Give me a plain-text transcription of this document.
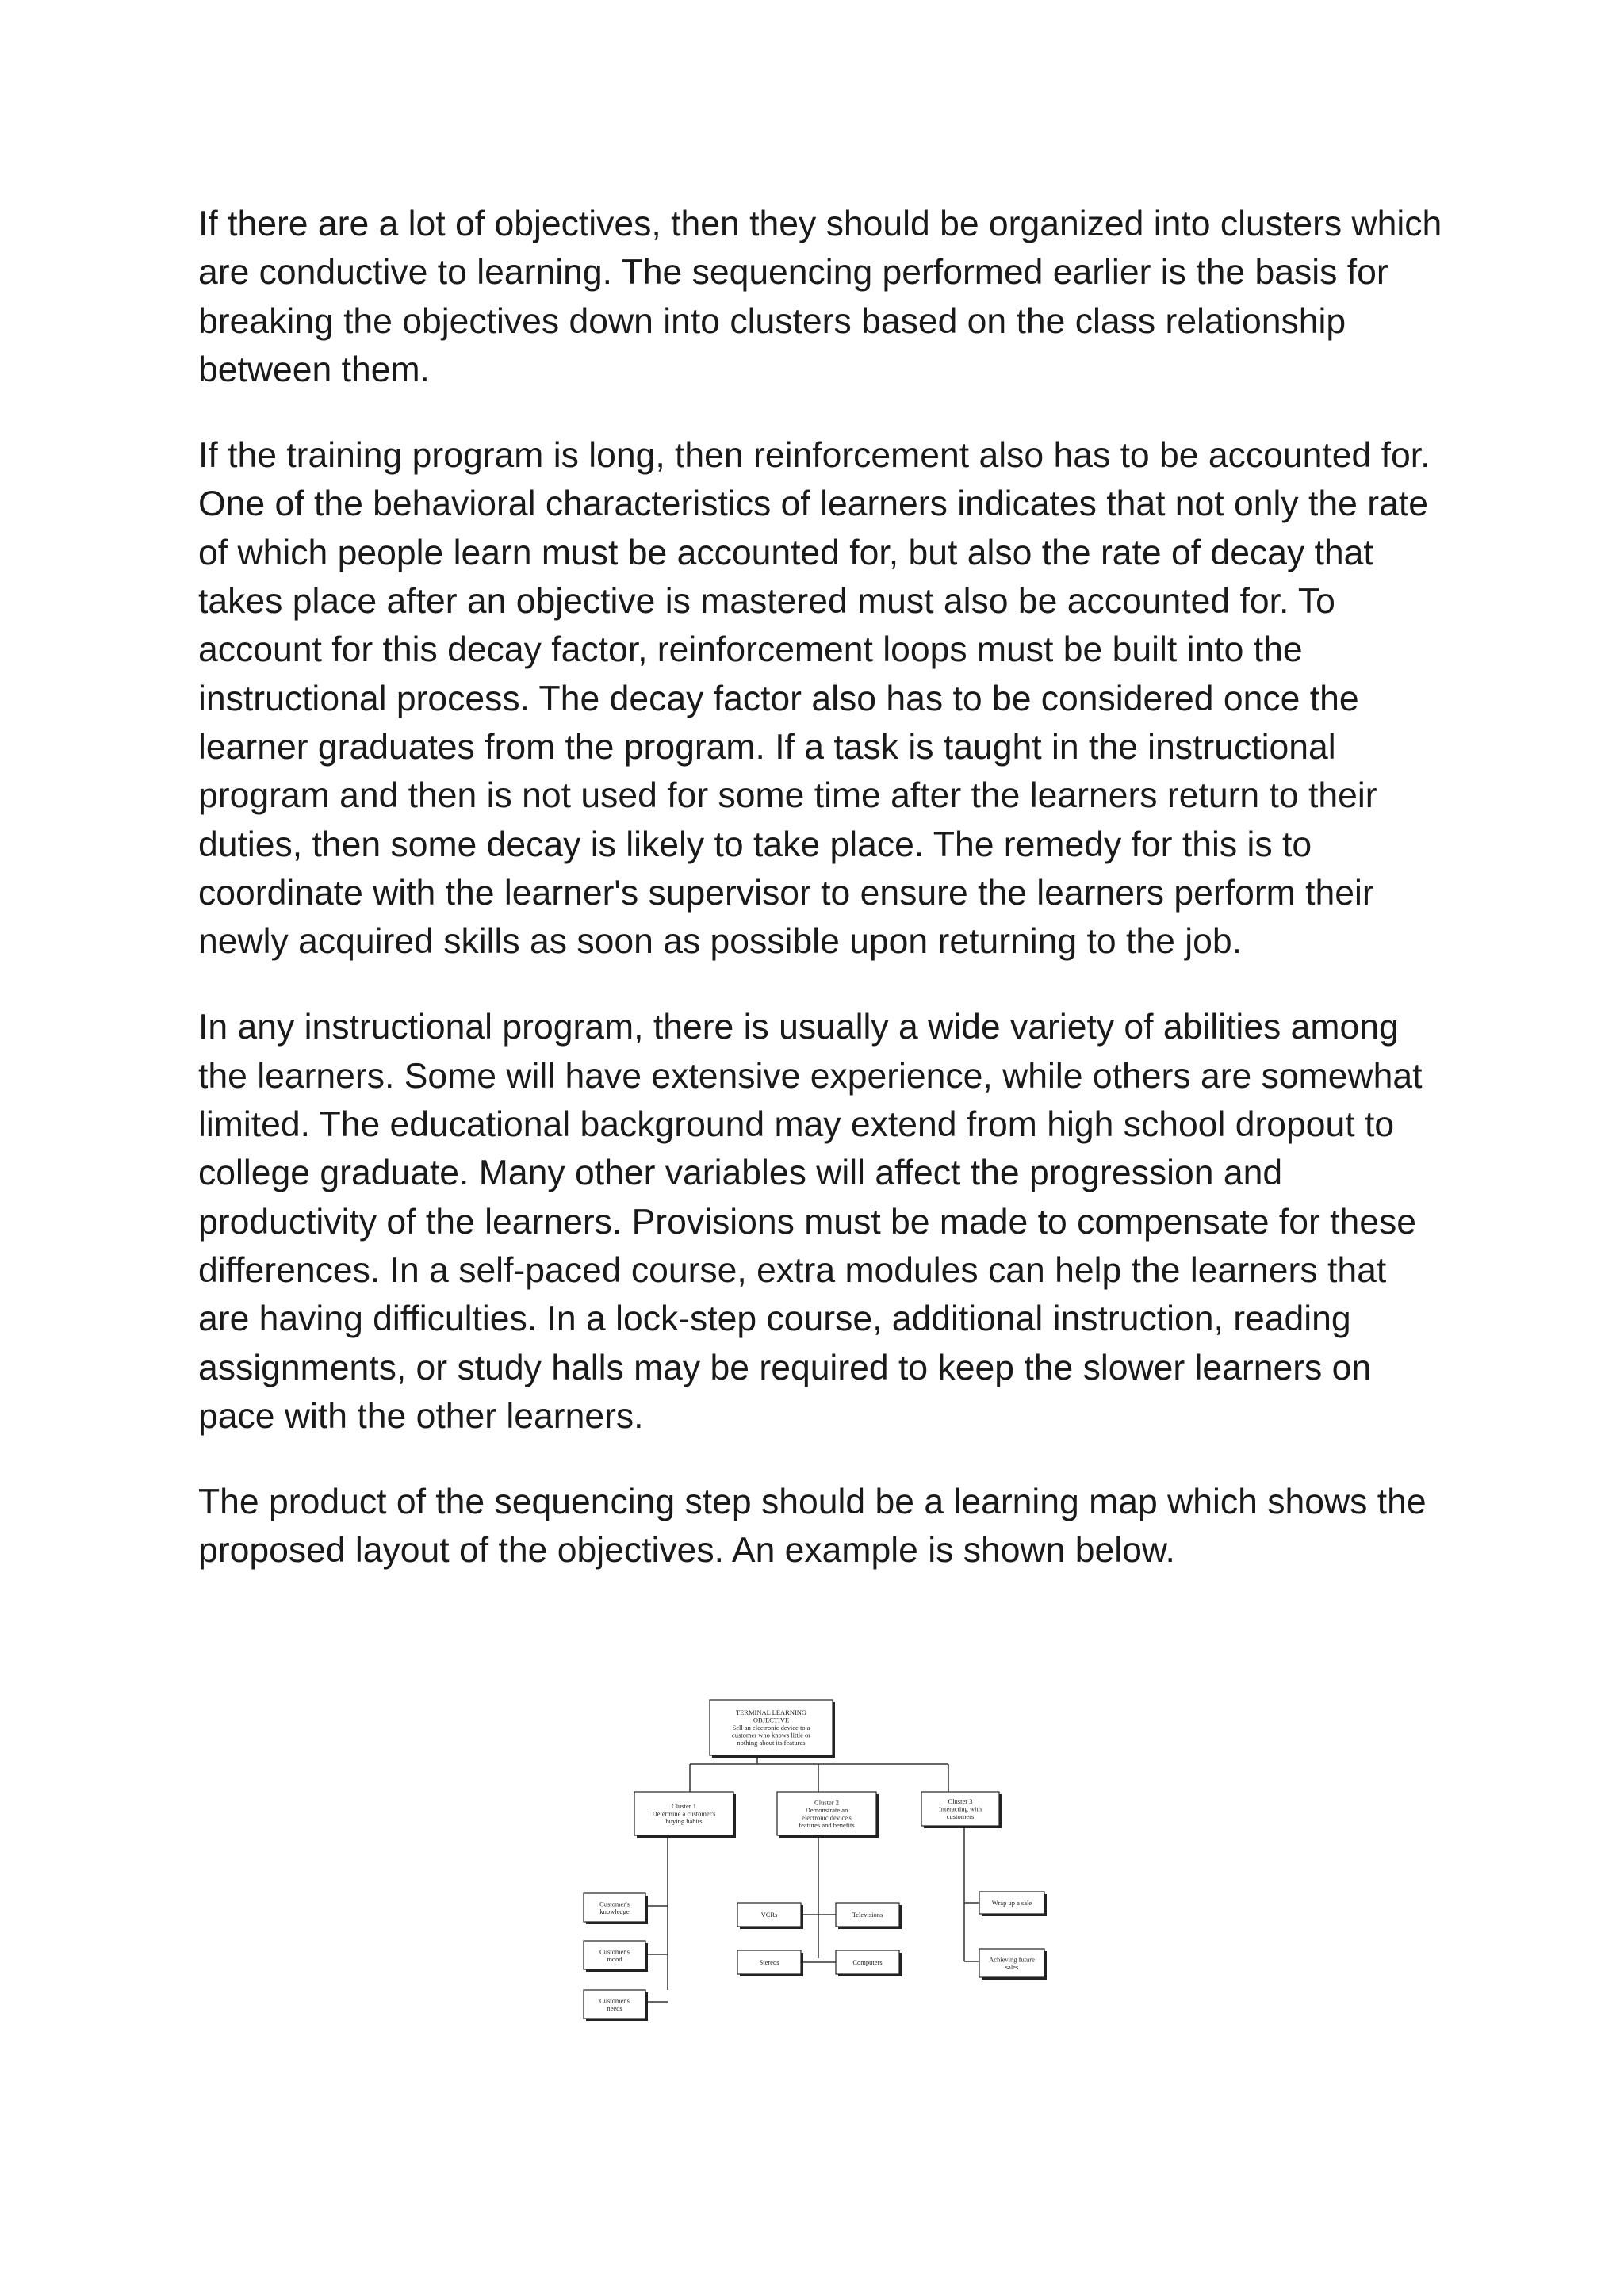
If there are a lot of objectives, then they should be organized into clusters which are conductive to learning. The sequencing performed earlier is the basis for breaking the objectives down into clusters based on the class relationship between them.

If the training program is long, then reinforcement also has to be accounted for. One of the behavioral characteristics of learners indicates that not only the rate of which people learn must be accounted for, but also the rate of decay that takes place after an objective is mastered must also be accounted for. To account for this decay factor, reinforcement loops must be built into the instructional process. The decay factor also has to be considered once the learner graduates from the program. If a task is taught in the instructional program and then is not used for some time after the learners return to their duties, then some decay is likely to take place. The remedy for this is to coordinate with the learner's supervisor to ensure the learners perform their newly acquired skills as soon as possible upon returning to the job.

In any instructional program, there is usually a wide variety of abilities among the learners. Some will have extensive experience, while others are somewhat limited. The educational background may extend from high school dropout to college graduate. Many other variables will affect the progression and productivity of the learners. Provisions must be made to compensate for these differences. In a self-paced course, extra modules can help the learners that are having difficulties. In a lock-step course, additional instruction, reading assignments, or study halls may be required to keep the slower learners on pace with the other learners.

The product of the sequencing step should be a learning map which shows the proposed layout of the objectives. An example is shown below.

TERMINAL LEARNING
OBJECTIVE
Sell an electronic device to a
customer who knows little or
nothing about its features
Cluster 1
Determine a customer's
buying habits
Cluster 2
Demonstrate an
electronic device's
features and benefits
Cluster 3
Interacting with
customers
Customer's
knowledge
Customer's
mood
Customer's
needs
VCRs	Televisions
Stereos	Computers
Wrap up a sale
Achieving future
sales
